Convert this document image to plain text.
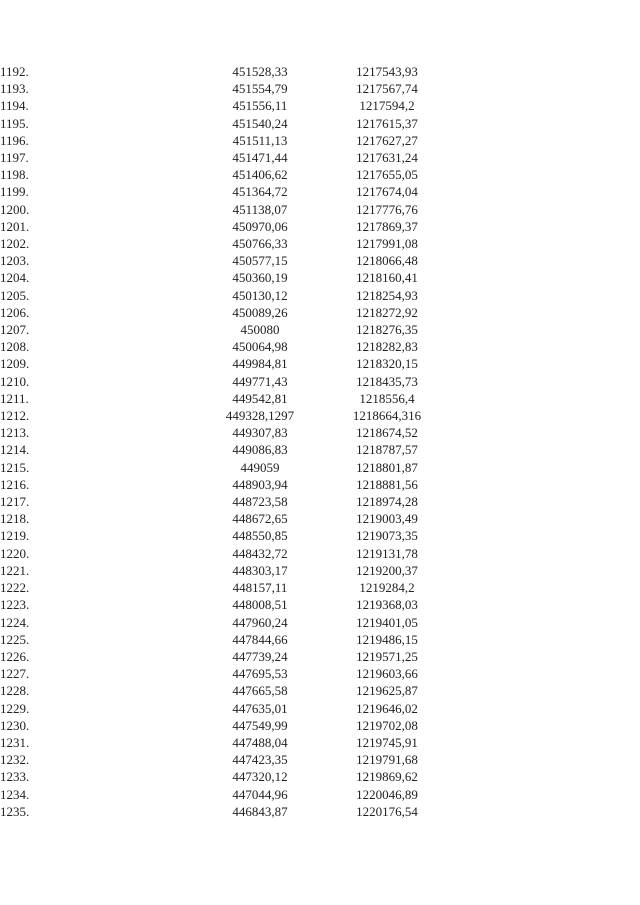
1192.	451528,33	1217543,93	
1193.	451554,79	1217567,74	
1194.	451556,11	1217594,2	
1195.	451540,24	1217615,37	
1196.	451511,13	1217627,27	
1197.	451471,44	1217631,24	
1198.	451406,62	1217655,05	
1199.	451364,72	1217674,04	
1200.	451138,07	1217776,76	
1201.	450970,06	1217869,37	
1202.	450766,33	1217991,08	
1203.	450577,15	1218066,48	
1204.	450360,19	1218160,41	
1205.	450130,12	1218254,93	
1206.	450089,26	1218272,92	
1207.	450080	1218276,35	
1208.	450064,98	1218282,83	
1209.	449984,81	1218320,15	
1210.	449771,43	1218435,73	
1211.	449542,81	1218556,4	
1212.	449328,1297	1218664,316	
1213.	449307,83	1218674,52	
1214.	449086,83	1218787,57	
1215.	449059	1218801,87	
1216.	448903,94	1218881,56	
1217.	448723,58	1218974,28	
1218.	448672,65	1219003,49	
1219.	448550,85	1219073,35	
1220.	448432,72	1219131,78	
1221.	448303,17	1219200,37	
1222.	448157,11	1219284,2	
1223.	448008,51	1219368,03	
1224.	447960,24	1219401,05	
1225.	447844,66	1219486,15	
1226.	447739,24	1219571,25	
1227.	447695,53	1219603,66	
1228.	447665,58	1219625,87	
1229.	447635,01	1219646,02	
1230.	447549,99	1219702,08	
1231.	447488,04	1219745,91	
1232.	447423,35	1219791,68	
1233.	447320,12	1219869,62	
1234.	447044,96	1220046,89	
1235.	446843,87	1220176,54	
